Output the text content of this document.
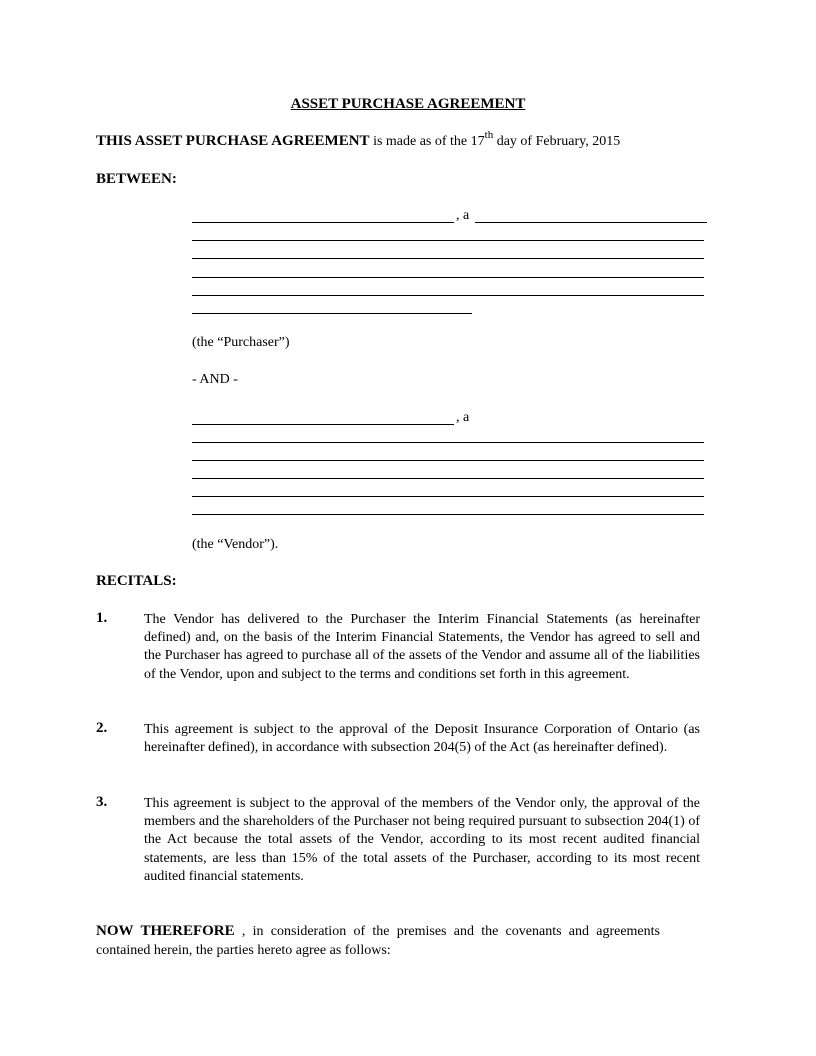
ASSET PURCHASE AGREEMENT
THIS ASSET PURCHASE AGREEMENT is made as of the 17th day of February, 2015
BETWEEN:
, a
(the “Purchaser”)
- AND -
, a
(the “Vendor”).
RECITALS:
1.	The Vendor has delivered to the Purchaser the Interim Financial Statements (as hereinafter defined) and, on the basis of the Interim Financial Statements, the Vendor has agreed to sell and the Purchaser has agreed to purchase all of the assets of the Vendor and assume all of the liabilities of the Vendor, upon and subject to the terms and conditions set forth in this agreement.
2.	This agreement is subject to the approval of the Deposit Insurance Corporation of Ontario (as hereinafter defined), in accordance with subsection 204(5) of the Act (as hereinafter defined).
3.	This agreement is subject to the approval of the members of the Vendor only, the approval of the members and the shareholders of the Purchaser not being required pursuant to subsection 204(1) of the Act because the total assets of the Vendor, according to its most recent audited financial statements, are less than 15% of the total assets of the Purchaser, according to its most recent audited financial statements.
NOW THEREFORE , in consideration of the premises and the covenants and agreements contained herein, the parties hereto agree as follows:
